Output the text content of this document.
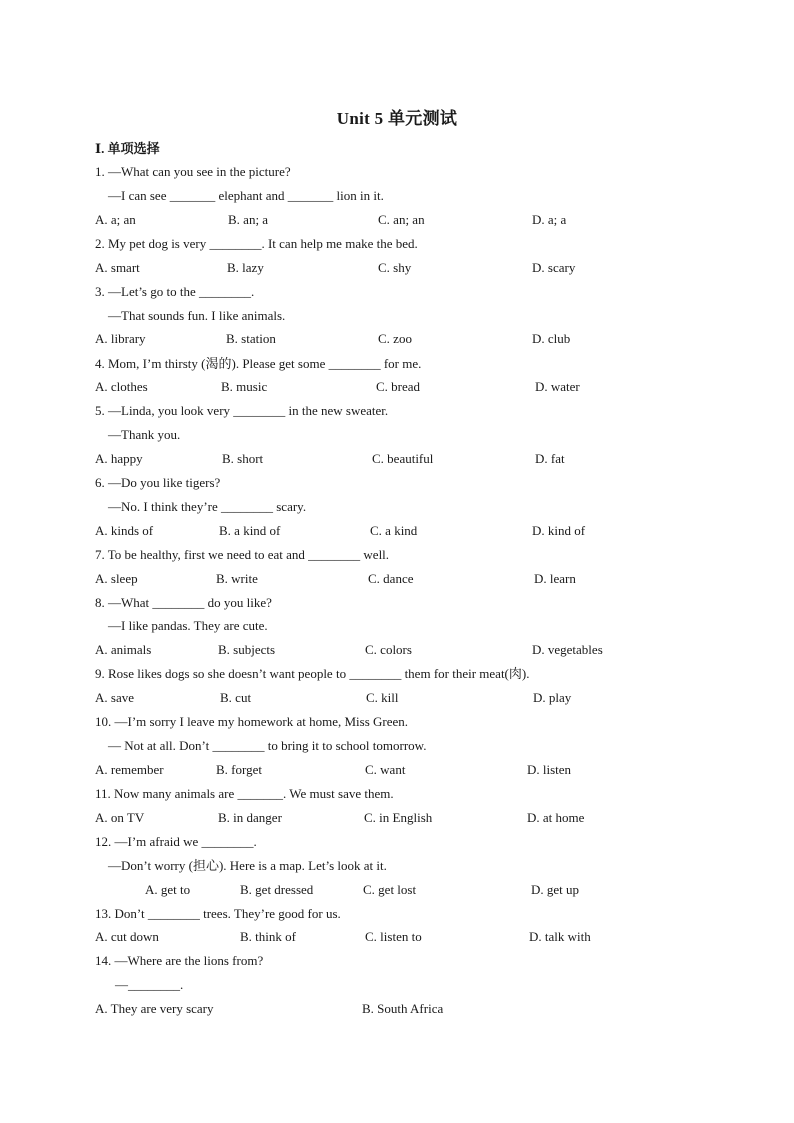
Unit 5 单元测试
Ⅰ. 单项选择
1. —What can you see in the picture?
—I can see _______ elephant and _______ lion in it.
A. a; an	B. an; a	C. an; an	D. a; a
2. My pet dog is very ________. It can help me make the bed.
A. smart	B. lazy	C. shy	D. scary
3. —Let’s go to the ________.
—That sounds fun. I like animals.
A. library	B. station	C. zoo	D. club
4. Mom, I’m thirsty (渴的). Please get some ________ for me.
A. clothes	B. music	C. bread	D. water
5. —Linda, you look very ________ in the new sweater.
—Thank you.
A. happy	B. short	C. beautiful	D. fat
6. —Do you like tigers?
—No. I think they’re ________ scary.
A. kinds of	B. a kind of	C. a kind	D. kind of
7. To be healthy, first we need to eat and ________ well.
A. sleep	B. write	C. dance	D. learn
8. —What ________ do you like?
—I like pandas. They are cute.
A. animals	B. subjects	C. colors	D. vegetables
9. Rose likes dogs so she doesn’t want people to ________ them for their meat(肉).
A. save	B. cut	C. kill	D. play
10. —I’m sorry I leave my homework at home, Miss Green.
— Not at all. Don’t ________ to bring it to school tomorrow.
A. remember	B. forget	C. want	D. listen
11. Now many animals are _______. We must save them.
A. on TV	B. in danger	C. in English	D. at home
12. —I’m afraid we ________.
—Don’t worry (担心). Here is a map. Let’s look at it.
A. get to	B. get dressed	C. get lost	D. get up
13. Don’t ________ trees. They’re good for us.
A. cut down	B. think of	C. listen to	D. talk with
14. —Where are the lions from?
—________.
A. They are very scary	B. South Africa
